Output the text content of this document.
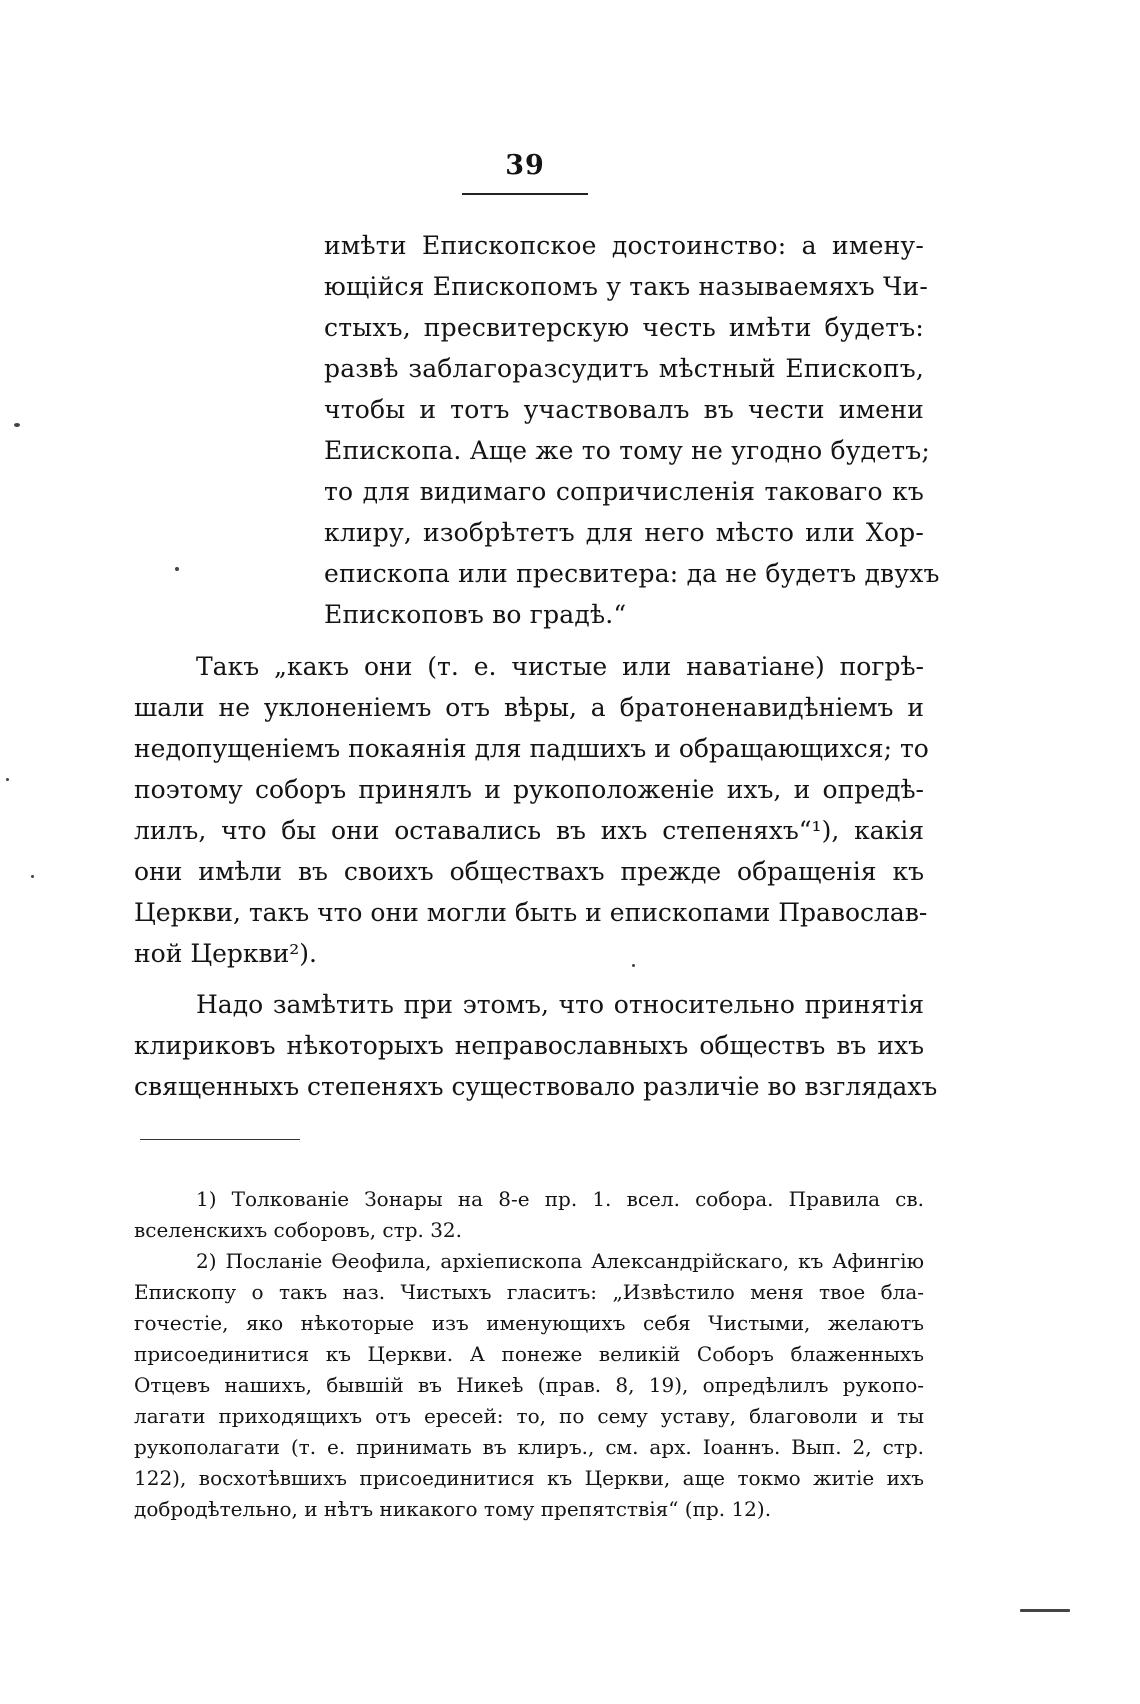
39
имѣти Епископское достоинство: а имену-
ющійся Епископомъ у такъ называемяхъ Чи-
стыхъ, пресвитерскую честь имѣти будетъ:
развѣ заблагоразсудитъ мѣстный Епископъ,
чтобы и тотъ участвовалъ въ чести имени
Епископа. Аще же то тому не угодно будетъ;
то для видимаго сопричисленія таковаго къ
клиру, изобрѣтетъ для него мѣсто или Хор-
епископа или пресвитера: да не будетъ двухъ
Епископовъ во градѣ.“
Такъ „какъ они (т. е. чистые или наватіане) погрѣ-
шали не уклоненіемъ отъ вѣры, а братоненавидѣніемъ и
недопущеніемъ покаянія для падшихъ и обращающихся; то
поэтому соборъ принялъ и рукоположеніе ихъ, и опредѣ-
лилъ, что бы они оставались въ ихъ степеняхъ“¹), какія
они имѣли въ своихъ обществахъ прежде обращенія къ
Церкви, такъ что они могли быть и епископами Православ-
ной Церкви²).
Надо замѣтить при этомъ, что относительно принятія
клириковъ нѣкоторыхъ неправославныхъ обществъ въ ихъ
священныхъ степеняхъ существовало различіе во взглядахъ
1) Толкованіе Зонары на 8-е пр. 1. всел. собора. Правила св.
вселенскихъ соборовъ, стр. 32.
2) Посланіе Ѳеофила, архіепископа Александрійскаго, къ Афингію
Епископу о такъ наз. Чистыхъ гласитъ: „Извѣстило меня твое бла-
гочестіе, яко нѣкоторые изъ именующихъ себя Чистыми, желаютъ
присоединитися къ Церкви. А понеже великій Соборъ блаженныхъ
Отцевъ нашихъ, бывшій въ Никеѣ (прав. 8, 19), опредѣлилъ рукопо-
лагати приходящихъ отъ ересей: то, по сему уставу, благоволи и ты
рукополагати (т. е. принимать въ клиръ., см. арх. Іоаннъ. Вып. 2, стр.
122), восхотѣвшихъ присоединитися къ Церкви, аще токмо житіе ихъ
добродѣтельно, и нѣтъ никакого тому препятствія“ (пр. 12).
